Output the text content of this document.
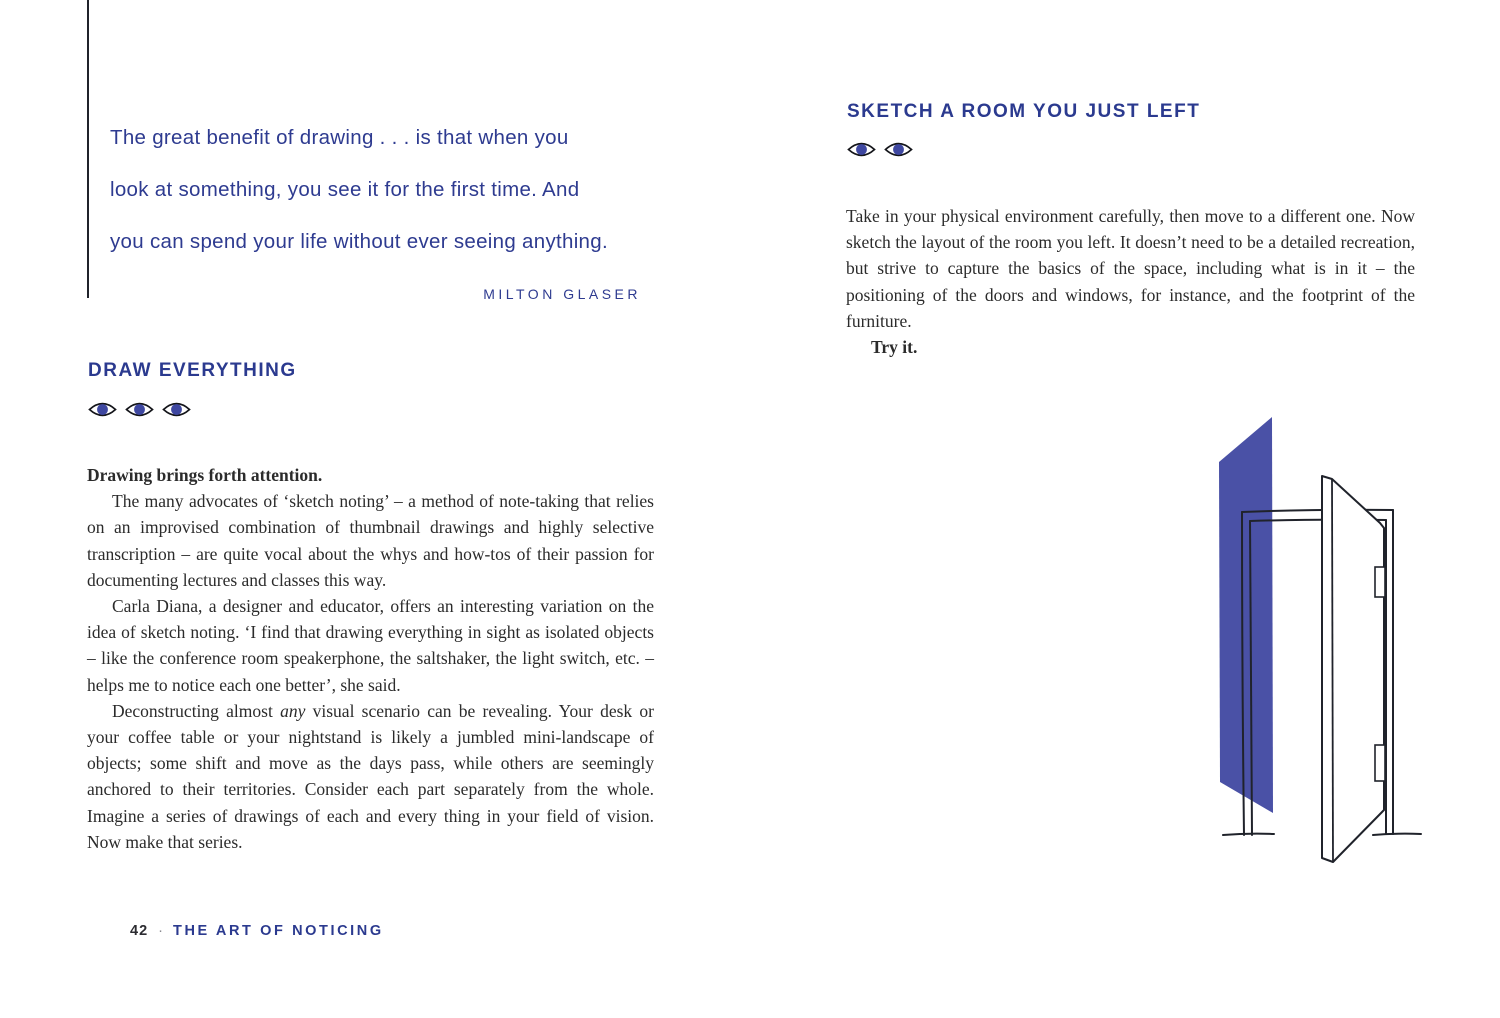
The great benefit of drawing . . . is that when you
look at something, you see it for the first time. And
you can spend your life without ever seeing anything.
MILTON GLASER
DRAW EVERYTHING

Drawing brings forth attention.

The many advocates of ‘sketch noting’ – a method of note-taking that relies on an improvised combination of thumbnail drawings and highly selective transcription – are quite vocal about the whys and how-tos of their passion for documenting lectures and classes this way.

Carla Diana, a designer and educator, offers an interesting variation on the idea of sketch noting. ‘I find that drawing everything in sight as isolated objects – like the conference room speakerphone, the saltshaker, the light switch, etc. – helps me to notice each one better’, she said.

Deconstructing almost any visual scenario can be revealing. Your desk or your coffee table or your nightstand is likely a jumbled mini-landscape of objects; some shift and move as the days pass, while others are seemingly anchored to their territories. Consider each part separately from the whole. Imagine a series of drawings of each and every thing in your field of vision. Now make that series.

42 · THE ART OF NOTICING
SKETCH A ROOM YOU JUST LEFT

Take in your physical environment carefully, then move to a different one. Now sketch the layout of the room you left. It doesn’t need to be a detailed recreation, but strive to capture the basics of the space, including what is in it – the positioning of the doors and windows, for instance, and the footprint of the furniture.

Try it.
